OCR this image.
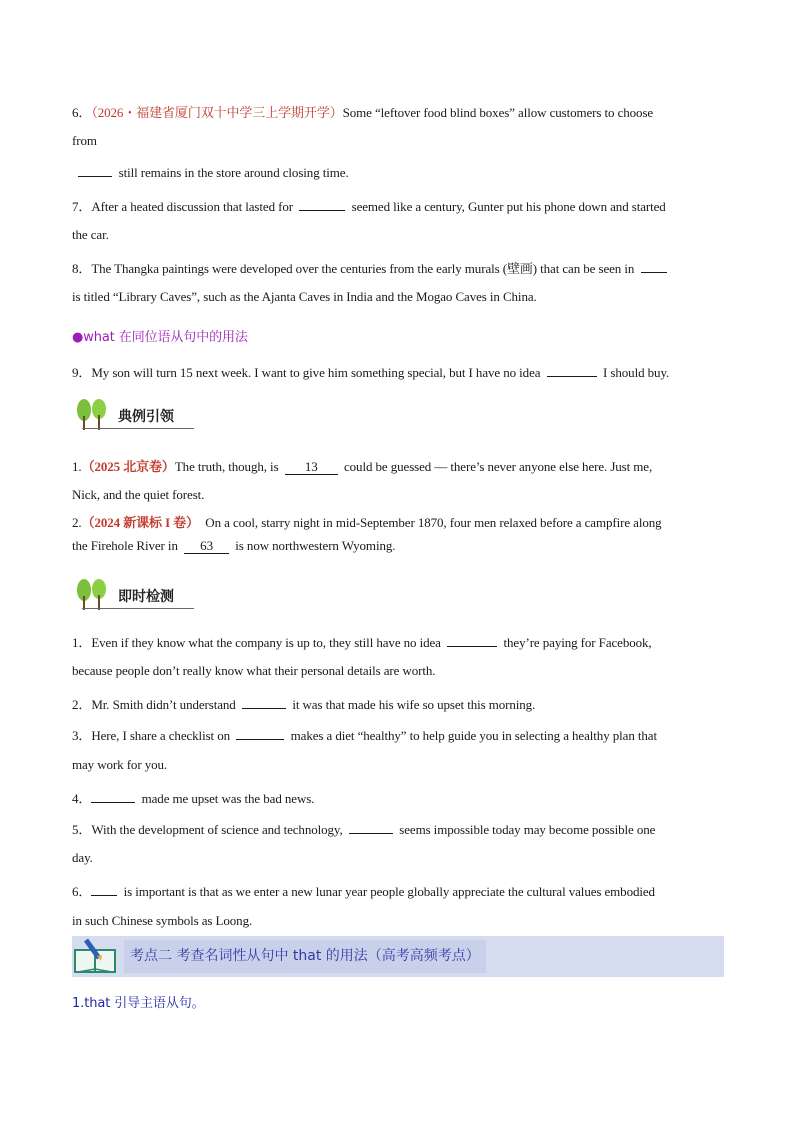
6．（2026・福建省厦门双十中学三上学期开学）Some “leftover food blind boxes” allow customers to choose
from
still remains in the store around closing time.
7．After a heated discussion that lasted for	seemed like a century, Gunter put his phone down and started
the car.
8．The Thangka paintings were developed over the centuries from the early murals (壁画) that can be seen in
is titled “Library Caves”, such as the Ajanta Caves in India and the Mogao Caves in China.
●what 在同位语从句中的用法
9．My son will turn 15 next week. I want to give him something special, but I have no idea	I should buy.
典例引领
1.（2025 北京卷）The truth, though, is 13 could be guessed — there’s never anyone else here. Just me,
Nick, and the quiet forest.
2.（2024 新课标 I 卷） On a cool, starry night in mid-September 1870, four men relaxed before a campfire along
the Firehole River in 63 is now northwestern Wyoming.
即时检测
1．Even if they know what the company is up to, they still have no idea	they’re paying for Facebook,
because people don’t really know what their personal details are worth.
2．Mr. Smith didn’t understand	it was that made his wife so upset this morning.
3．Here, I share a checklist on	makes a diet “healthy” to help guide you in selecting a healthy plan that
may work for you.
4．	made me upset was the bad news.
5．With the development of science and technology,	seems impossible today may become possible one
day.
6． is important is that as we enter a new lunar year people globally appreciate the cultural values embodied
in such Chinese symbols as Loong.
考点二 考查名词性从句中 that 的用法（高考高频考点）
1.that 引导主语从句。
